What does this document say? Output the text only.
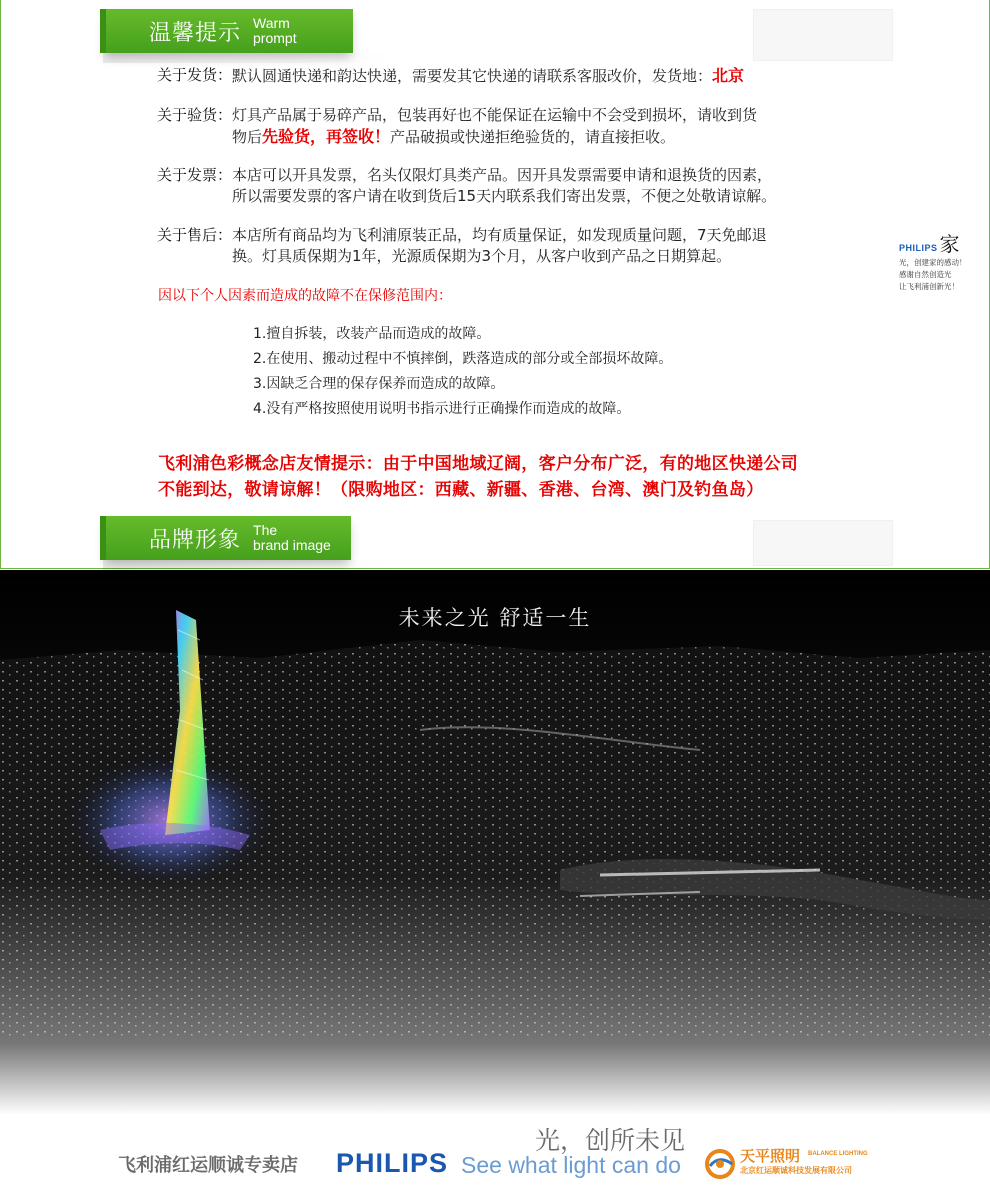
温馨提示 Warm
prompt
关于发货： 默认圆通快递和韵达快递，需要发其它快递的请联系客服改价，发货地：北京
关于验货： 灯具产品属于易碎产品，包装再好也不能保证在运输中不会受到损坏，请收到货
物后先验货，再签收！产品破损或快递拒绝验货的，请直接拒收。
关于发票： 本店可以开具发票，名头仅限灯具类产品。因开具发票需要申请和退换货的因素，
所以需要发票的客户请在收到货后15天内联系我们寄出发票，不便之处敬请谅解。
关于售后： 本店所有商品均为飞利浦原装正品，均有质量保证，如发现质量问题，7天免邮退
换。灯具质保期为1年，光源质保期为3个月，从客户收到产品之日期算起。	PHILIPS 家
光，创建家的感动！
感谢自然创造光
让飞利浦创新光！
因以下个人因素而造成的故障不在保修范围内：
1.擅自拆装，改装产品而造成的故障。
2.在使用、搬动过程中不慎摔倒，跌落造成的部分或全部损坏故障。
3.因缺乏合理的保存保养而造成的故障。
4.没有严格按照使用说明书指示进行正确操作而造成的故障。
飞利浦色彩概念店友情提示：由于中国地域辽阔，客户分布广泛，有的地区快递公司
不能到达，敬请谅解！（限购地区：西藏、新疆、香港、台湾、澳门及钓鱼岛）
品牌形象 The
brand image
未来之光 舒适一生
光，创所未见
飞利浦红运顺诚专卖店 PHILIPS See what light can do	天平照明 BALANCE LIGHTING
北京红运顺诚科技发展有限公司
